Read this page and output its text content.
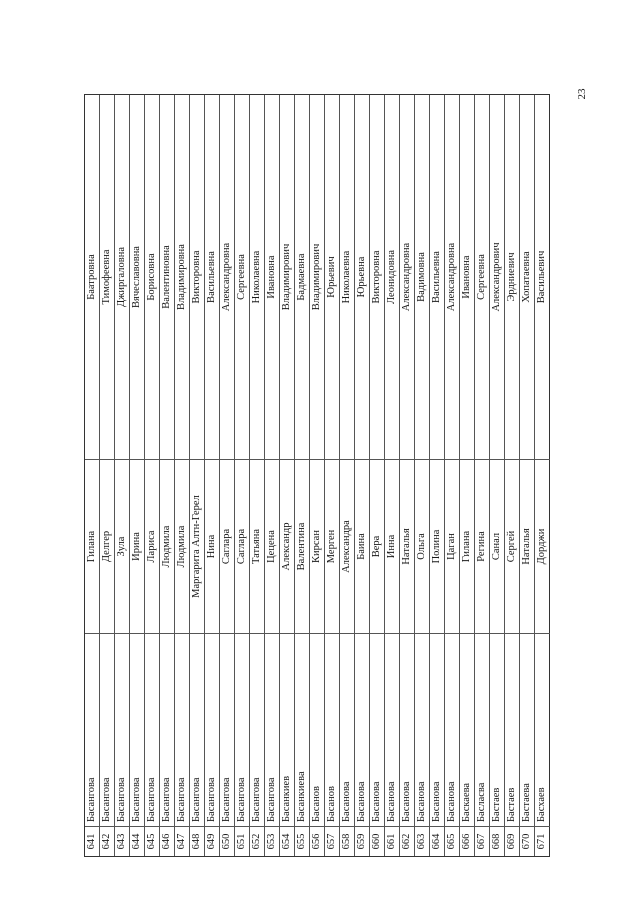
23
641
Басангова
Гилана
Баатровна
642
Басангова
Делгер
Тимофеевна
643
Басангова
Зула
Джиргаловна
644
Басангова
Ирина
Вячеславовна
645
Басангова
Лариса
Борисовна
646
Басангова
Людмила
Валентиновна
647
Басангова
Людмила
Владимировна
648
Басангова
Маргарита Алтн-Герел
Викторовна
649
Басангова
Нина
Васильевна
650
Басангова
Саглара
Александровна
651
Басангова
Саглара
Сергеевна
652
Басангова
Татьяна
Николаевна
653
Басангова
Цецена
Ивановна
654
Басанкиев
Александр
Владимирович
655
Басанкиева
Валентина
Бадмаевна
656
Басанов
Кирсан
Владимирович
657
Басанов
Мерген
Юрьевич
658
Басанова
Александра
Николаевна
659
Басанова
Баина
Юрьевна
660
Басанова
Вера
Викторовна
661
Басанова
Инна
Леонидовна
662
Басанова
Наталья
Александровна
663
Басанова
Ольга
Вадимовна
664
Басанова
Полина
Васильевна
665
Басанова
Цаган
Александровна
666
Баскаева
Гилана
Ивановна
667
Басласва
Регина
Сергеевна
668
Бастаев
Санал
Александрович
669
Бастаев
Сергей
Эрдниевич
670
Бастаева
Наталья
Хопатаевна
671
Басхаев
Дорджи
Васильевич
